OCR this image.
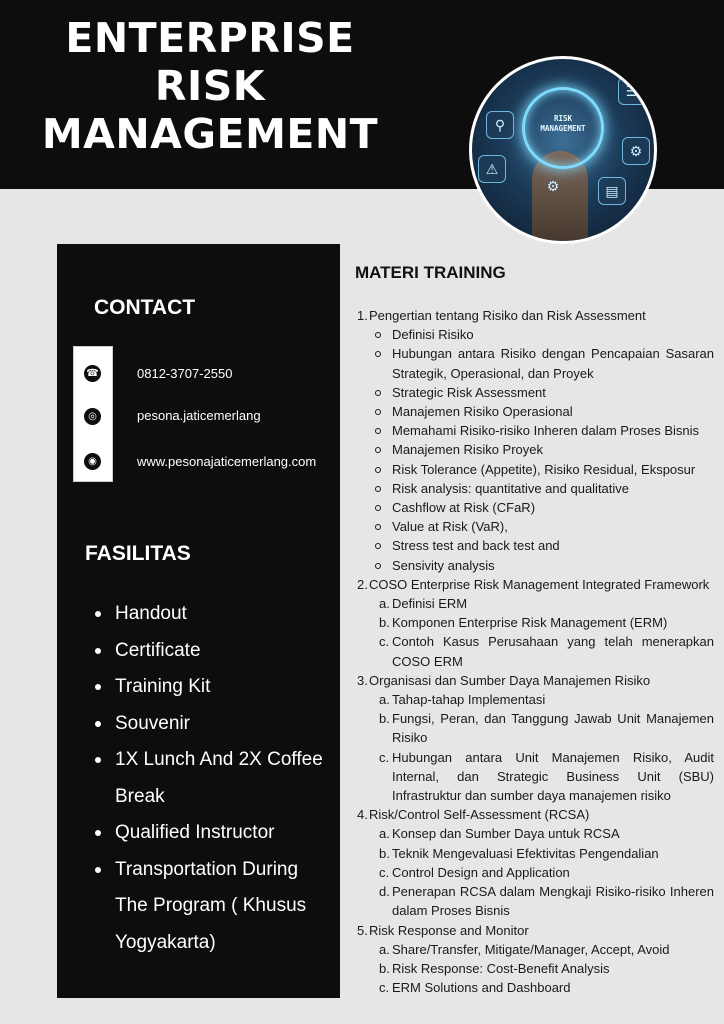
ENTERPRISE
RISK
MANAGEMENT	RISK
MANAGEMENT
⚲
☰
⚠
⚙
▤
⚙
CONTACT
☎	0812-3707-2550
◎	pesona.jaticemerlang
◉	www.pesonajaticemerlang.com
FASILITAS
Handout
Certificate
Training Kit
Souvenir
1X Lunch And 2X Coffee Break
Qualified Instructor
Transportation During The Program ( Khusus Yogyakarta)
MATERI TRAINING
1. Pengertian tentang Risiko dan Risk Assessment
Definisi Risiko
Hubungan antara Risiko dengan Pencapaian Sasaran Strategik, Operasional, dan Proyek
Strategic Risk Assessment
Manajemen Risiko Operasional
Memahami Risiko-risiko Inheren dalam Proses Bisnis
Manajemen Risiko Proyek
Risk Tolerance (Appetite), Risiko Residual, Eksposur
Risk analysis: quantitative and qualitative
Cashflow at Risk (CFaR)
Value at Risk (VaR),
Stress test and back test and
Sensivity analysis
2. COSO Enterprise Risk Management Integrated Framework
a. Definisi ERM
b. Komponen Enterprise Risk Management (ERM)
c. Contoh Kasus Perusahaan yang telah menerapkan COSO ERM
3. Organisasi dan Sumber Daya Manajemen Risiko
a. Tahap-tahap Implementasi
b. Fungsi, Peran, dan Tanggung Jawab Unit Manajemen Risiko
c. Hubungan antara Unit Manajemen Risiko, Audit Internal, dan Strategic Business Unit (SBU) Infrastruktur dan sumber daya manajemen risiko
4. Risk/Control Self-Assessment (RCSA)
a. Konsep dan Sumber Daya untuk RCSA
b. Teknik Mengevaluasi Efektivitas Pengendalian
c. Control Design and Application
d. Penerapan RCSA dalam Mengkaji Risiko-risiko Inheren dalam Proses Bisnis
5. Risk Response and Monitor
a. Share/Transfer, Mitigate/Manager, Accept, Avoid
b. Risk Response: Cost-Benefit Analysis
c. ERM Solutions and Dashboard
